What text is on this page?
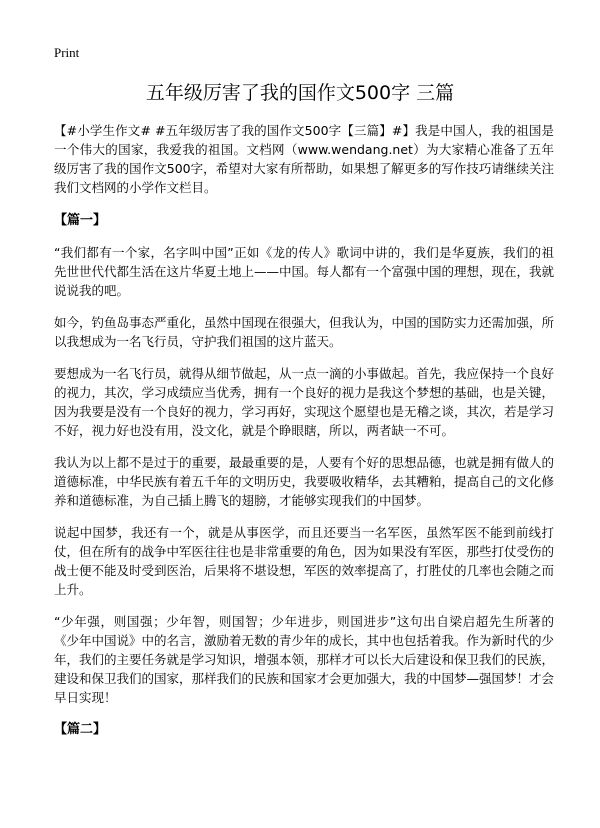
Print
五年级厉害了我的国作文500字 三篇

【#小学生作文# #五年级厉害了我的国作文500字【三篇】#】我是中国人，我的祖国是一个伟大的国家，我爱我的祖国。文档网（www.wendang.net）为大家精心准备了五年级厉害了我的国作文500字，希望对大家有所帮助，如果想了解更多的写作技巧请继续关注我们文档网的小学作文栏目。

【篇一】

“我们都有一个家，名字叫中国”正如《龙的传人》歌词中讲的，我们是华夏族，我们的祖先世世代代都生活在这片华夏土地上——中国。每人都有一个富强中国的理想，现在，我就说说我的吧。

如今，钓鱼岛事态严重化，虽然中国现在很强大，但我认为，中国的国防实力还需加强，所以我想成为一名飞行员，守护我们祖国的这片蓝天。

要想成为一名飞行员，就得从细节做起，从一点一滴的小事做起。首先，我应保持一个良好的视力，其次，学习成绩应当优秀，拥有一个良好的视力是我这个梦想的基础，也是关键，因为我要是没有一个良好的视力，学习再好，实现这个愿望也是无稽之谈，其次，若是学习不好，视力好也没有用，没文化，就是个睁眼瞎，所以，两者缺一不可。

我认为以上都不是过于的重要，最最重要的是，人要有个好的思想品德，也就是拥有做人的道德标准，中华民族有着五千年的文明历史，我要吸收精华，去其糟粕，提高自己的文化修养和道德标准，为自己插上腾飞的翅膀，才能够实现我们的中国梦。

说起中国梦，我还有一个，就是从事医学，而且还要当一名军医，虽然军医不能到前线打仗，但在所有的战争中军医往往也是非常重要的角色，因为如果没有军医，那些打仗受伤的战士便不能及时受到医治，后果将不堪设想，军医的效率提高了，打胜仗的几率也会随之而上升。

“少年强，则国强；少年智，则国智；少年进步，则国进步”这句出自梁启超先生所著的《少年中国说》中的名言，激励着无数的青少年的成长，其中也包括着我。作为新时代的少年，我们的主要任务就是学习知识，增强本领，那样才可以长大后建设和保卫我们的民族，建设和保卫我们的国家，那样我们的民族和国家才会更加强大，我的中国梦—强国梦！才会早日实现！

【篇二】
